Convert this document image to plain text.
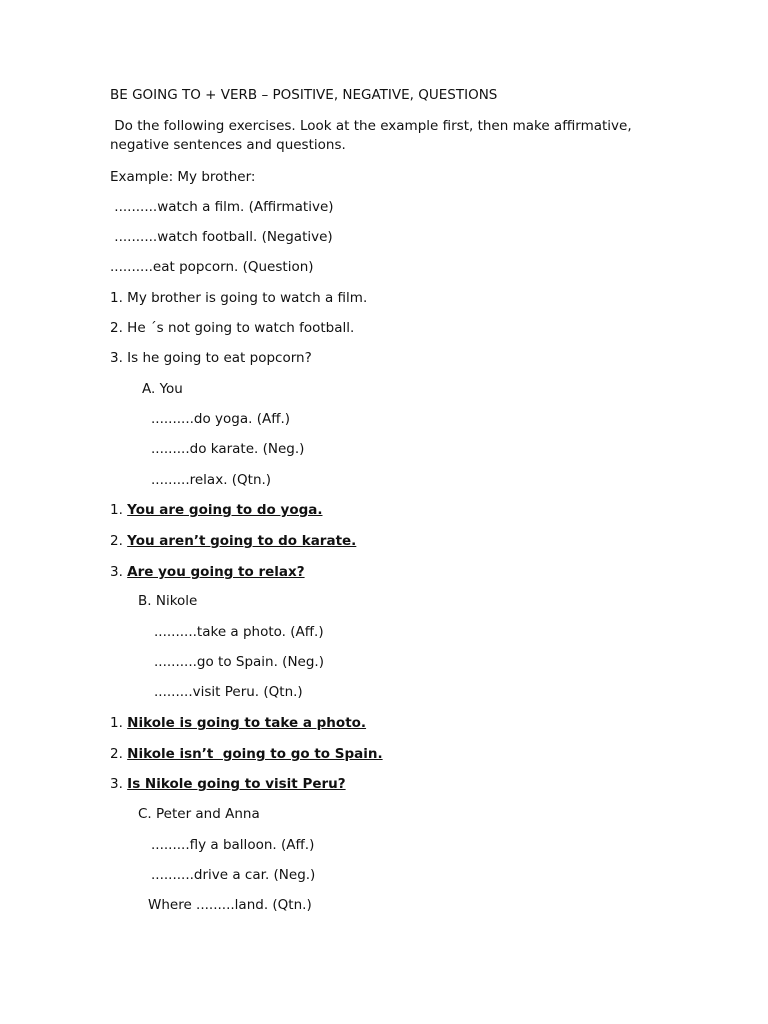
BE GOING TO + VERB – POSITIVE, NEGATIVE, QUESTIONS
Do the following exercises. Look at the example first, then make affirmative,
negative sentences and questions.
Example: My brother:
..........watch a film. (Affirmative)
..........watch football. (Negative)
..........eat popcorn. (Question)
1. My brother is going to watch a film.
2. He ´s not going to watch football.
3. Is he going to eat popcorn?
A. You
..........do yoga. (Aff.)
.........do karate. (Neg.)
.........relax. (Qtn.)
1. You are going to do yoga.
2. You aren’t going to do karate.
3. Are you going to relax?
B. Nikole
..........take a photo. (Aff.)
..........go to Spain. (Neg.)
.........visit Peru. (Qtn.)
1. Nikole is going to take a photo.
2. Nikole isn’t  going to go to Spain.
3. Is Nikole going to visit Peru?
C. Peter and Anna
.........fly a balloon. (Aff.)
..........drive a car. (Neg.)
Where .........land. (Qtn.)
